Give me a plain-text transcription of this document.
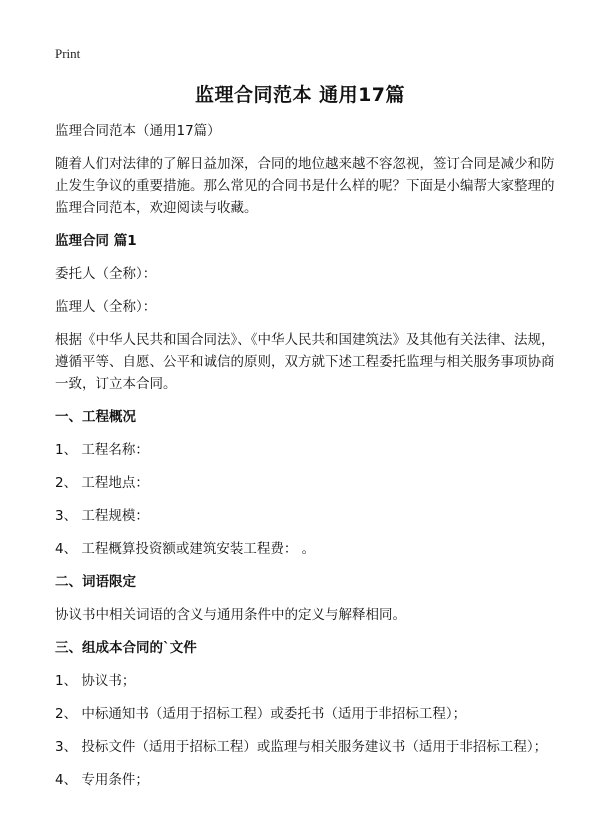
Print
监理合同范本 通用17篇

监理合同范本（通用17篇）

随着人们对法律的了解日益加深，合同的地位越来越不容忽视，签订合同是减少和防止发生争议的重要措施。那么常见的合同书是什么样的呢？下面是小编帮大家整理的监理合同范本，欢迎阅读与收藏。

监理合同 篇1

委托人（全称）：

监理人（全称）：

根据《中华人民共和国合同法》、《中华人民共和国建筑法》及其他有关法律、法规，遵循平等、自愿、公平和诚信的原则，双方就下述工程委托监理与相关服务事项协商一致，订立本合同。

一、工程概况

1、 工程名称：

2、 工程地点：

3、 工程规模：

4、 工程概算投资额或建筑安装工程费： 。

二、词语限定

协议书中相关词语的含义与通用条件中的定义与解释相同。

三、组成本合同的`文件

1、 协议书；

2、 中标通知书（适用于招标工程）或委托书（适用于非招标工程）；

3、 投标文件（适用于招标工程）或监理与相关服务建议书（适用于非招标工程）；

4、 专用条件；
